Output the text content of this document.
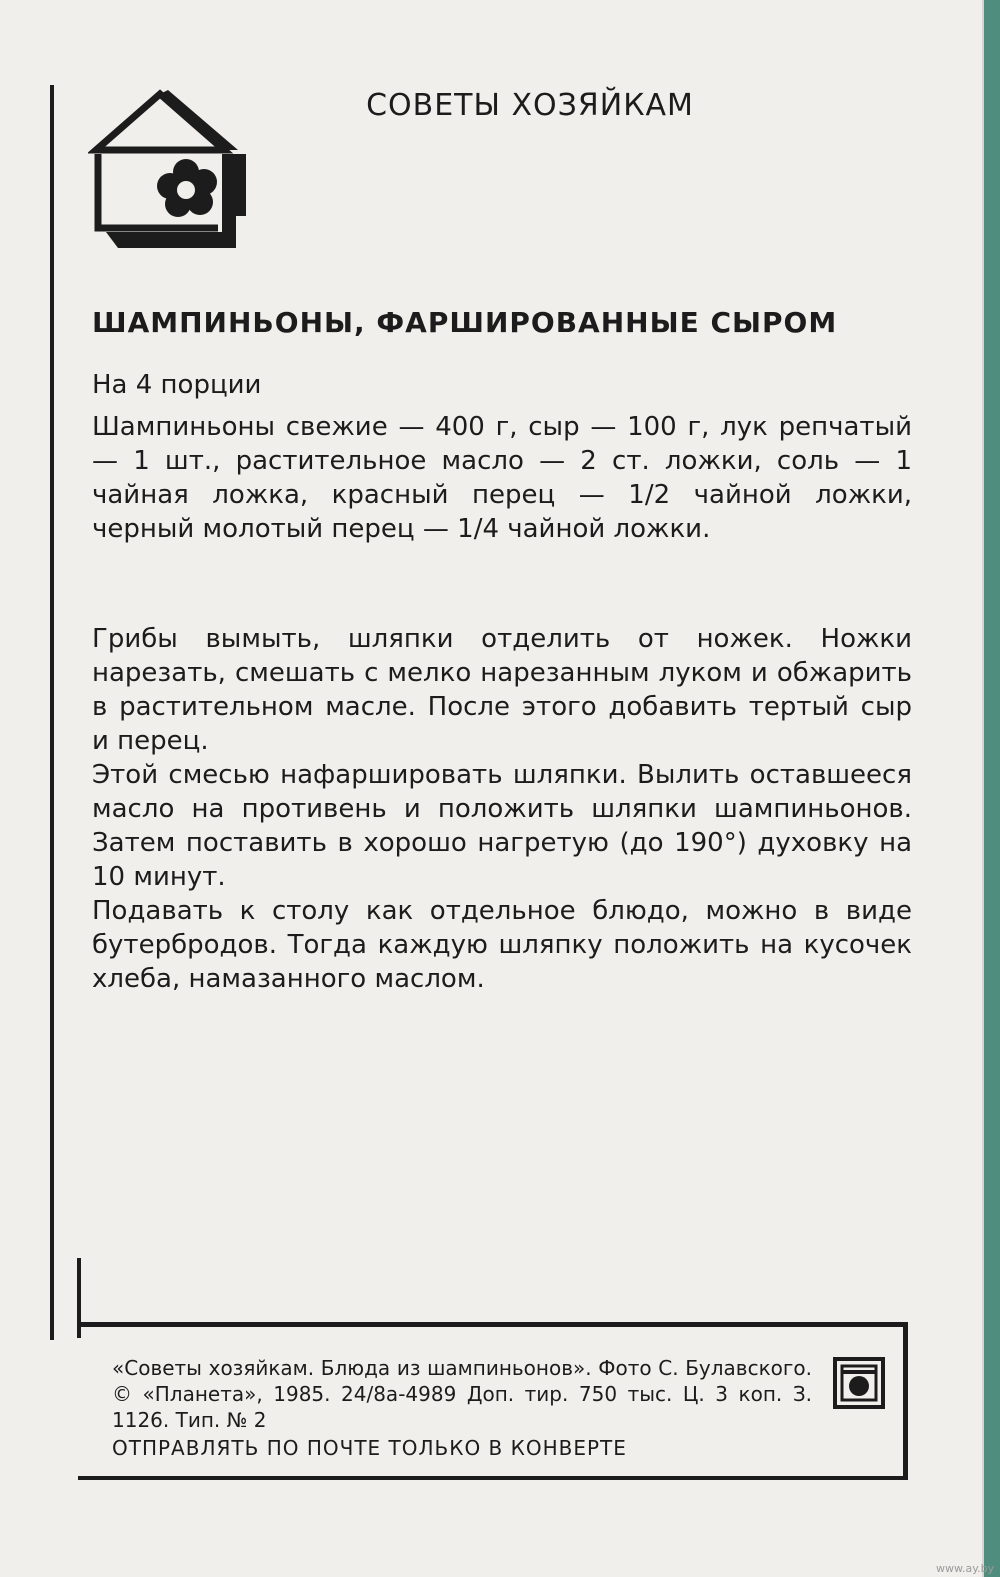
СОВЕТЫ ХОЗЯЙКАМ
ШАМПИНЬОНЫ, ФАРШИРОВАННЫЕ СЫРОМ
На 4 порции

Шампиньоны свежие — 400 г, сыр — 100 г, лук репчатый — 1 шт., растительное масло — 2 ст. ложки, соль — 1 чайная ложка, красный перец — 1/2 чайной ложки, черный молотый перец — 1/4 чайной ложки.

Грибы вымыть, шляпки отделить от ножек. Ножки нарезать, смешать с мелко нарезанным луком и обжарить в растительном масле. После этого добавить тертый сыр и перец.

Этой смесью нафаршировать шляпки. Вылить оставшееся масло на противень и положить шляпки шампиньонов. Затем поставить в хорошо нагретую (до 190°) духовку на 10 минут.

Подавать к столу как отдельное блюдо, можно в виде бутербродов. Тогда каждую шляпку положить на кусочек хлеба, намазанного маслом.

«Советы хозяйкам. Блюда из шампиньонов». Фото С. Булавского. © «Планета», 1985. 24/8а-4989 Доп. тир. 750 тыс. Ц. 3 коп. З. 1126. Тип. № 2
ОТПРАВЛЯТЬ ПО ПОЧТЕ ТОЛЬКО В КОНВЕРТЕ
www.ay.by
